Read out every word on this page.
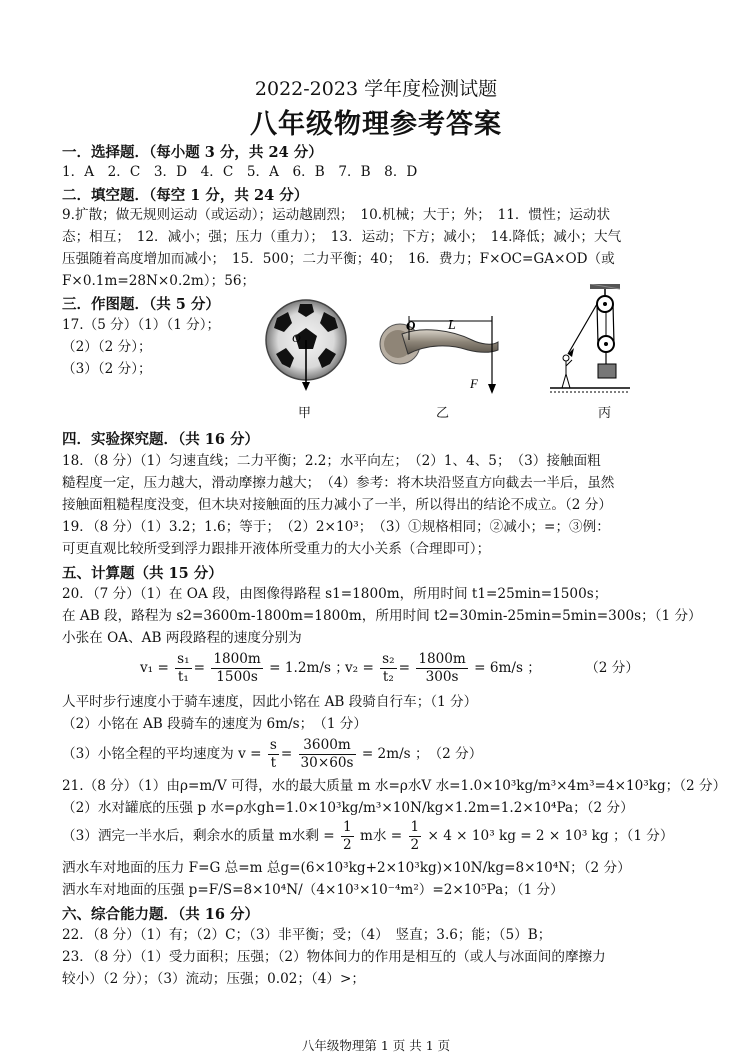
2022-2023 学年度检测试题
八年级物理参考答案
一．选择题．（每小题 3 分，共 24 分）
1．A　2．C　3．D　4．C　5．A　6．B　7．B　8．D
二．填空题．（每空 1 分，共 24 分）
9.扩散；做无规则运动（或运动）；运动越剧烈；　10.机械；大于；外；　11．惯性；运动状
态；相互；　12．减小；强；压力（重力）；　13．运动；下方；减小；　14.降低；减小；大气
压强随着高度增加而减小；　15．500；二力平衡；40；　16．费力；F×OC=GA×OD（或
F×0.1m=28N×0.2m）；56；
三．作图题．（共 5 分）
17.（5 分）（1）（1 分）；
（2）（2 分）；
（3）（2 分）；
O
O L
F
甲	乙	丙
四．实验探究题．（共 16 分）
18．（8 分）（1）匀速直线；二力平衡；2.2；水平向左；　（2）1、4、5；　（3）接触面粗
糙程度一定，压力越大，滑动摩擦力越大；　（4）参考：将木块沿竖直方向截去一半后，虽然
接触面粗糙程度没变，但木块对接触面的压力减小了一半，所以得出的结论不成立。（2 分）
19．（8 分）（1）3.2；1.6；等于；　（2）2×10³；　（3）①规格相同；②减小；=；③例：
可更直观比较所受到浮力跟排开液体所受重力的大小关系（合理即可）；
五、计算题（共 15 分）
20．（7 分）（1）在 OA 段，由图像得路程 s1=1800m，所用时间 t1=25min=1500s；
在 AB 段，路程为 s2=3600m-1800m=1800m，所用时间 t2=30min-25min=5min=300s；（1 分）
小张在 OA、AB 两段路程的速度分别为
$v_1 = \frac{\text{s₁}}{\text{t₁}} = \frac{1800m}{1500s} = 1.2m/s$ ；
$v_2 = \frac{\text{s₂}}{\text{t₂}} = \frac{1800m}{300s} = 6m/s$ ；	（2 分）
人平时步行速度小于骑车速度，因此小铭在 AB 段骑自行车；（1 分）
（2）小铭在 AB 段骑车的速度为 6m/s；　（1 分）
（3）小铭全程的平均速度为 $v = \frac{s}{t} = \frac{3600m}{30\times 60s} = 2m/s$ ；　（2 分）
21.（8 分）（1）由ρ=m/V 可得，水的最大质量 m 水=ρ水V 水=1.0×10³kg/m³×4m³=4×10³kg；（2 分）
（2）水对罐底的压强 p 水=ρ水gh=1.0×10³kg/m³×10N/kg×1.2m=1.2×10⁴Pa；（2 分）
（3）洒完一半水后，剩余水的质量 m水剩 = $\frac{1}{2}$ m水 = $\frac{1}{2} \times 4 \times 10^3$ kg = 2 × 10³ kg ；（1 分）
洒水车对地面的压力 F=G 总=m 总g=(6×10³kg+2×10³kg)×10N/kg=8×10⁴N；（2 分）
洒水车对地面的压强 p=F/S=8×10⁴N/（4×10³×10⁻⁴m²）=2×10⁵Pa；（1 分）
六、综合能力题．（共 16 分）
22．（8 分）（1）有；（2）C；（3）非平衡；受；（4）　竖直；3.6；能；（5）B；
23．（8 分）（1）受力面积；压强；（2）物体间力的作用是相互的（或人与冰面间的摩擦力
较小）（2 分）；（3）流动；压强；0.02；（4）>；
八年级物理第 1 页 共 1 页
